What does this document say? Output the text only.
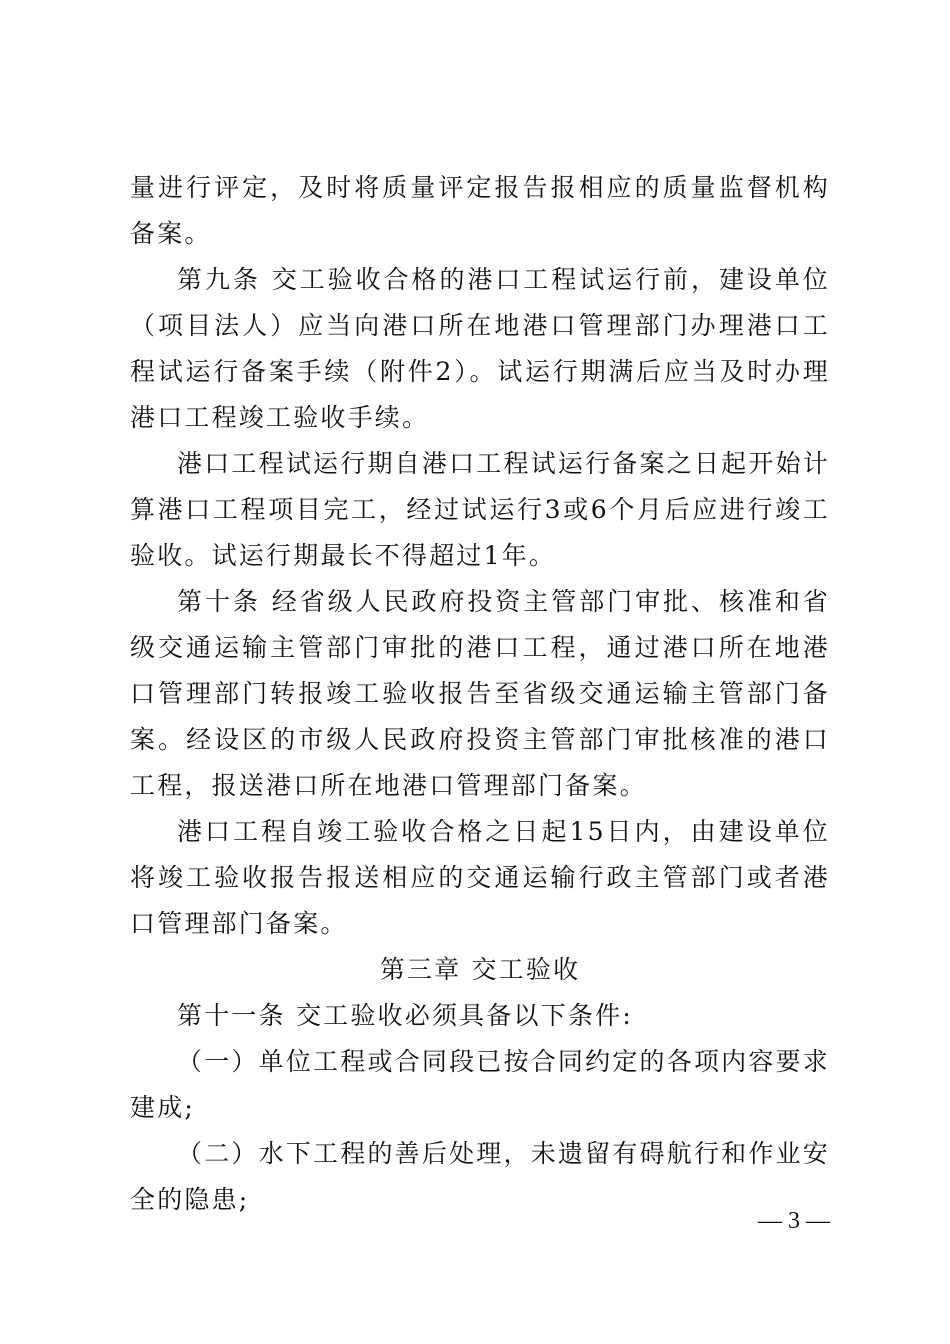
量进行评定，及时将质量评定报告报相应的质量监督机构备案。

第九条 交工验收合格的港口工程试运行前，建设单位（项目法人）应当向港口所在地港口管理部门办理港口工程试运行备案手续（附件2）。试运行期满后应当及时办理港口工程竣工验收手续。

港口工程试运行期自港口工程试运行备案之日起开始计算港口工程项目完工，经过试运行3或6个月后应进行竣工验收。试运行期最长不得超过1年。

第十条 经省级人民政府投资主管部门审批、核准和省级交通运输主管部门审批的港口工程，通过港口所在地港口管理部门转报竣工验收报告至省级交通运输主管部门备案。经设区的市级人民政府投资主管部门审批核准的港口工程，报送港口所在地港口管理部门备案。

港口工程自竣工验收合格之日起15日内，由建设单位将竣工验收报告报送相应的交通运输行政主管部门或者港口管理部门备案。

第三章 交工验收

第十一条 交工验收必须具备以下条件:

（一）单位工程或合同段已按合同约定的各项内容要求建成;

（二）水下工程的善后处理，未遗留有碍航行和作业安全的隐患;

— 3 —
